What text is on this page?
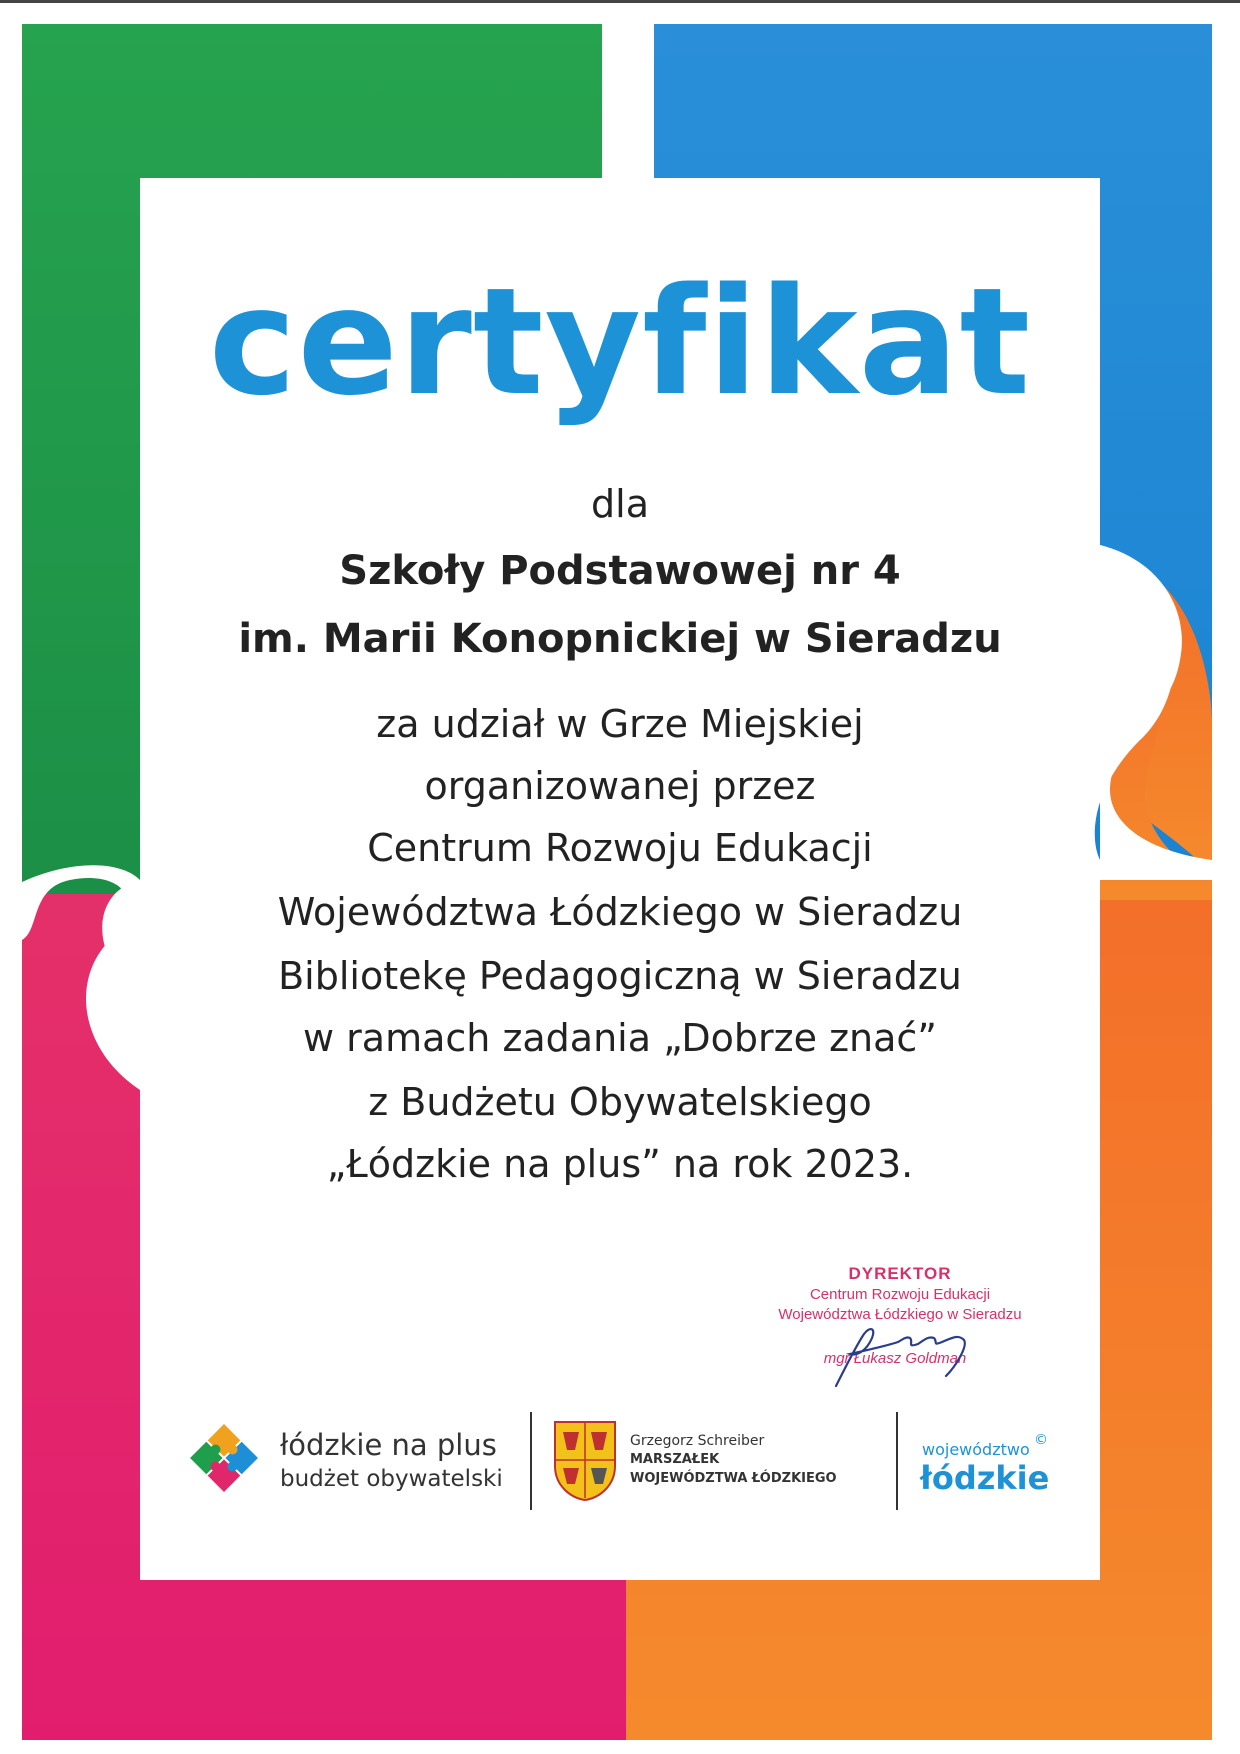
certyfikat
dla
Szkoły Podstawowej nr 4
im. Marii Konopnickiej w Sieradzu
za udział w Grze Miejskiej
organizowanej przez
Centrum Rozwoju Edukacji
Województwa Łódzkiego w Sieradzu
Bibliotekę Pedagogiczną w Sieradzu
w ramach zadania „Dobrze znać”
z Budżetu Obywatelskiego
„Łódzkie na plus” na rok 2023.
DYREKTOR
Centrum Rozwoju Edukacji
Województwa Łódzkiego w Sieradzu
mgr Łukasz Goldman
łódzkie na plus
budżet obywatelski
Grzegorz Schreiber
MARSZAŁEK
WOJEWÓDZTWA ŁÓDZKIEGO
województwo ©
łódzkie
